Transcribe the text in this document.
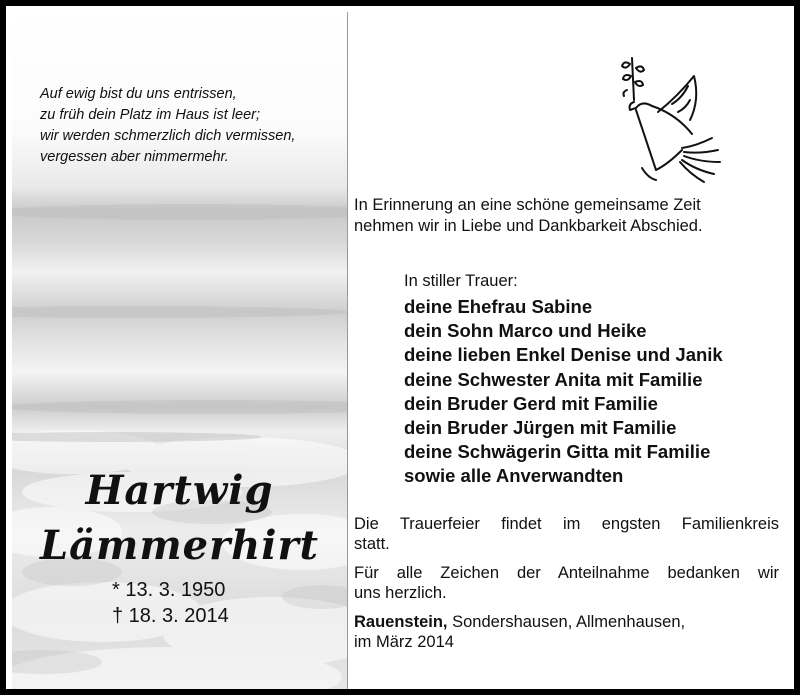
Auf ewig bist du uns entrissen,
zu früh dein Platz im Haus ist leer;
wir werden schmerzlich dich vermissen,
vergessen aber nimmermehr.
Hartwig
Lämmerhirt
* 13. 3. 1950
† 18. 3. 2014
In Erinnerung an eine schöne gemeinsame Zeit
nehmen wir in Liebe und Dankbarkeit Abschied.
In stiller Trauer:
deine Ehefrau Sabine
dein Sohn Marco und Heike
deine lieben Enkel Denise und Janik
deine Schwester Anita mit Familie
dein Bruder Gerd mit Familie
dein Bruder Jürgen mit Familie
deine Schwägerin Gitta mit Familie
sowie alle Anverwandten
Die Trauerfeier findet im engsten Familienkreis
statt.
Für alle Zeichen der Anteilnahme bedanken wir
uns herzlich.
Rauenstein, Sondershausen, Allmenhausen,
im März 2014
